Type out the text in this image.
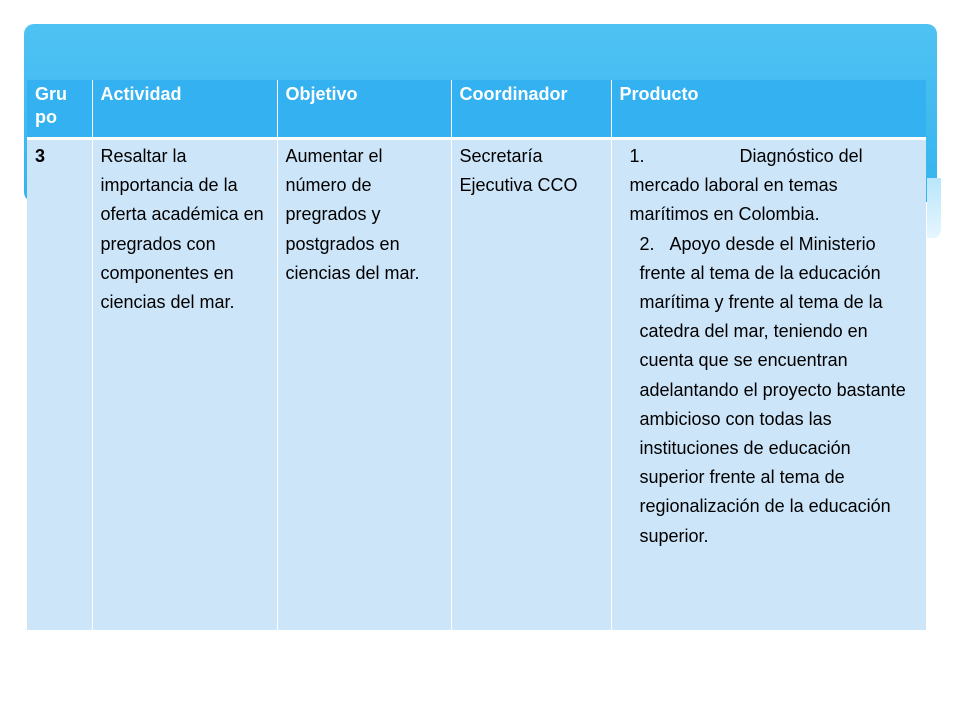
Gru po	Actividad	Objetivo	Coordinador	Producto
3	Resaltar la importancia de la oferta académica en pregrados con componentes en ciencias del mar.	Aumentar el número de pregrados y postgrados en ciencias del mar.	Secretaría Ejecutiva CCO	1.                   Diagnóstico del mercado laboral en temas marítimos en Colombia.
2.   Apoyo desde el Ministerio frente al tema de la educación marítima y frente al tema de la catedra del mar, teniendo en cuenta que se encuentran adelantando el proyecto bastante ambicioso con todas las instituciones de educación superior frente al tema de regionalización de la educación superior.
